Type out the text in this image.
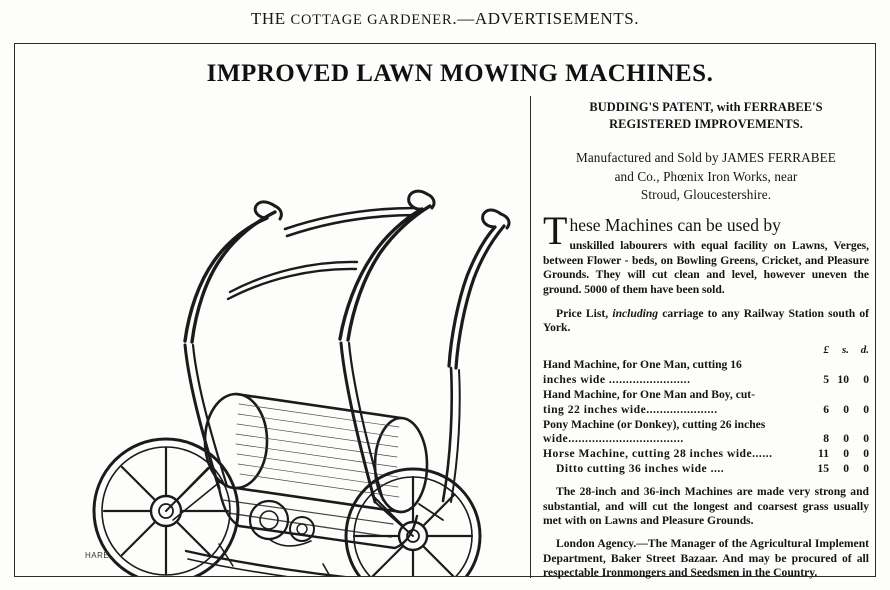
THE COTTAGE GARDENER.—ADVERTISEMENTS.
IMPROVED LAWN MOWING MACHINES.
HARE
BUDDING'S PATENT, with FERRABEE'S
REGISTERED IMPROVEMENTS.
Manufactured and Sold by JAMES FERRABEE
and Co., Phœnix Iron Works, near
Stroud, Gloucestershire.
These Machines can be used by
unskilled labourers with equal facility on Lawns, Verges, between Flower - beds, on Bowling Greens, Cricket, and Pleasure Grounds. They will cut clean and level, however uneven the ground. 5000 of them have been sold.
Price List, including carriage to any Railway Station south of York.
	£	s.	d.
Hand Machine, for One Man, cutting 16			
inches wide ........................	5	10	0
Hand Machine, for One Man and Boy, cut-			
ting 22 inches wide.....................	6	0	0
Pony Machine (or Donkey), cutting 26 inches			
wide..................................	8	0	0
Horse Machine, cutting 28 inches wide......	11	0	0
Ditto cutting 36 inches wide ....	15	0	0
The 28-inch and 36-inch Machines are made very strong and substantial, and will cut the longest and coarsest grass usually met with on Lawns and Pleasure Grounds.
London Agency.—The Manager of the Agricultural Implement Department, Baker Street Bazaar. And may be procured of all respectable Ironmongers and Seedsmen in the Country.
